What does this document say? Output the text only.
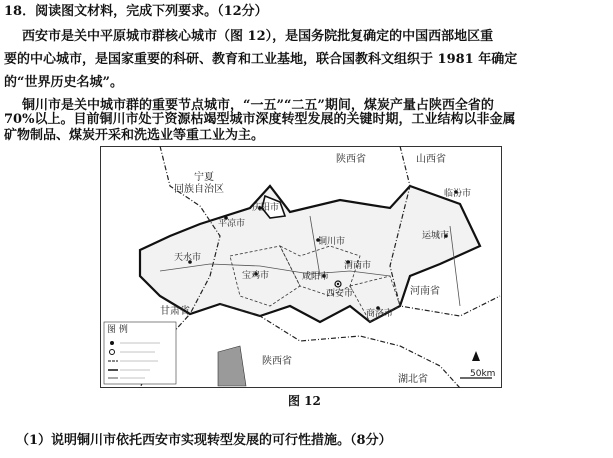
18．阅读图文材料，完成下列要求。（12分）
西安市是关中平原城市群核心城市（图 12），是国务院批复确定的中国西部地区重
要的中心城市，是国家重要的科研、教育和工业基地，联合国教科文组织于 1981 年确定
的“世界历史名城”。
铜川市是关中城市群的重要节点城市，“一五”“二五”期间，煤炭产量占陕西全省的
70%以上。目前铜川市处于资源枯竭型城市深度转型发展的关键时期，工业结构以非金属
矿物制品、煤炭开采和洗选业等重工业为主。
图 例
50km
陕西省	山西省
宁夏
回族自治区
甘肃省
河南省
陕西省
湖北省
庆阳市
平凉市
铜川市
临汾市
运城市
天水市
宝鸡市	咸阳市
渭南市
西安市
商洛市
图 12
（1）说明铜川市依托西安市实现转型发展的可行性措施。（8分）
